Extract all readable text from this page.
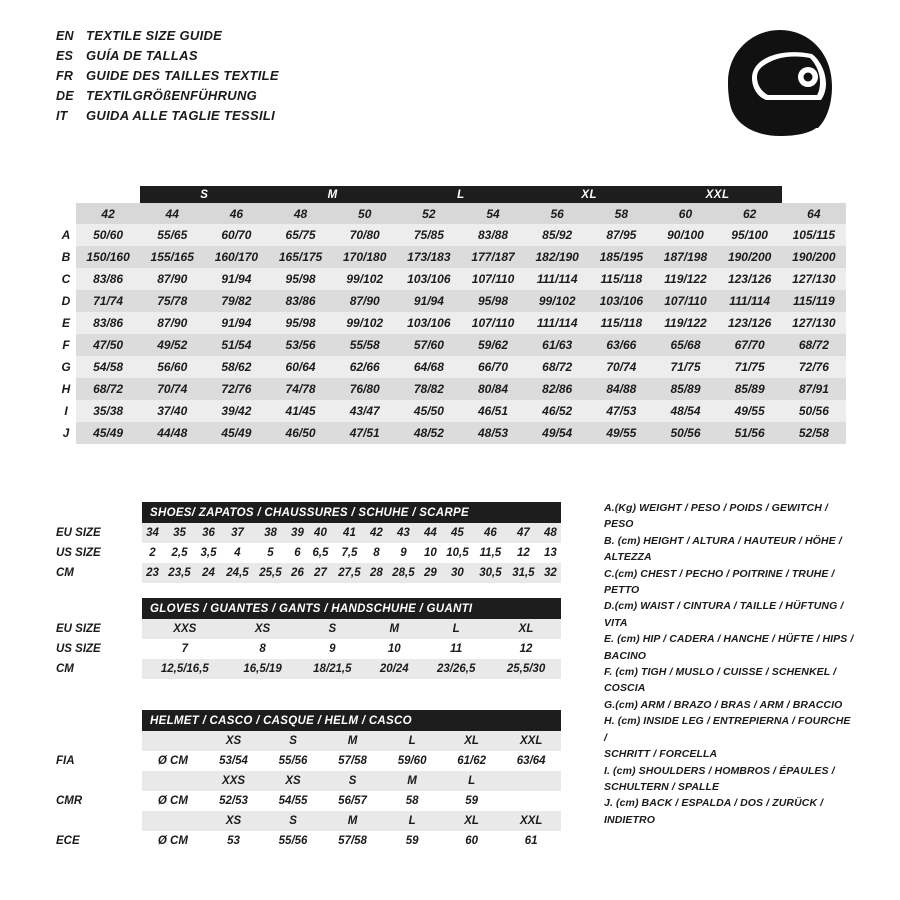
EN TEXTILE SIZE GUIDE
ES GUÍA DE TALLAS
FR GUIDE DES TAILLES TEXTILE
DE TEXTILGRÖßENFÜHRUNG
IT	GUIDA ALLE TAGLIE TESSILI
		S		M		L		XL		XXL		
	42	44	46	48	50	52	54	56	58	60	62	64
A	50/60	55/65	60/70	65/75	70/80	75/85	83/88	85/92	87/95	90/100	95/100	105/115
B	150/160	155/165	160/170	165/175	170/180	173/183	177/187	182/190	185/195	187/198	190/200	190/200
C	83/86	87/90	91/94	95/98	99/102	103/106	107/110	111/114	115/118	119/122	123/126	127/130
D	71/74	75/78	79/82	83/86	87/90	91/94	95/98	99/102	103/106	107/110	111/114	115/119
E	83/86	87/90	91/94	95/98	99/102	103/106	107/110	111/114	115/118	119/122	123/126	127/130
F	47/50	49/52	51/54	53/56	55/58	57/60	59/62	61/63	63/66	65/68	67/70	68/72
G	54/58	56/60	58/62	60/64	62/66	64/68	66/70	68/72	70/74	71/75	71/75	72/76
H	68/72	70/74	72/76	74/78	76/80	78/82	80/84	82/86	84/88	85/89	85/89	87/91
I	35/38	37/40	39/42	41/45	43/47	45/50	46/51	46/52	47/53	48/54	49/55	50/56
J	45/49	44/48	45/49	46/50	47/51	48/52	48/53	49/54	49/55	50/56	51/56	52/58
	SHOES/ ZAPATOS / CHAUSSURES / SCHUHE / SCARPE														
EU SIZE	34	35	36	37	38	39	40	41	42	43	44	45	46	47	48
US SIZE	2	2,5	3,5	4	5	6	6,5	7,5	8	9	10	10,5	11,5	12	13
CM	23	23,5	24	24,5	25,5	26	27	27,5	28	28,5	29	30	30,5	31,5	32
	GLOVES / GUANTES / GANTS / HANDSCHUHE / GUANTI					
EU SIZE	XXS	XS	S	M	L	XL
US SIZE	7	8	9	10	11	12
CM	12,5/16,5	16,5/19	18/21,5	20/24	23/26,5	25,5/30
	HELMET / CASCO / CASQUE / HELM / CASCO						
		XS	S	M	L	XL	XXL
FIA	Ø CM	53/54	55/56	57/58	59/60	61/62	63/64
		XXS	XS	S	M	L	
CMR	Ø CM	52/53	54/55	56/57	58	59	
		XS	S	M	L	XL	XXL
ECE	Ø CM	53	55/56	57/58	59	60	61
A.(Kg) WEIGHT / PESO / POIDS / GEWITCH / PESO
B. (cm) HEIGHT / ALTURA / HAUTEUR / HÖHE / ALTEZZA
C.(cm) CHEST / PECHO / POITRINE / TRUHE / PETTO
D.(cm) WAIST / CINTURA / TAILLE / HÜFTUNG / VITA
E. (cm) HIP / CADERA / HANCHE / HÜFTE / HIPS / BACINO
F. (cm) TIGH / MUSLO / CUISSE / SCHENKEL / COSCIA
G.(cm) ARM / BRAZO / BRAS / ARM / BRACCIO
H. (cm) INSIDE LEG / ENTREPIERNA / FOURCHE /
SCHRITT / FORCELLA
I. (cm) SHOULDERS / HOMBROS / ÉPAULES /
SCHULTERN / SPALLE
J. (cm) BACK / ESPALDA / DOS / ZURÜCK / INDIETRO
